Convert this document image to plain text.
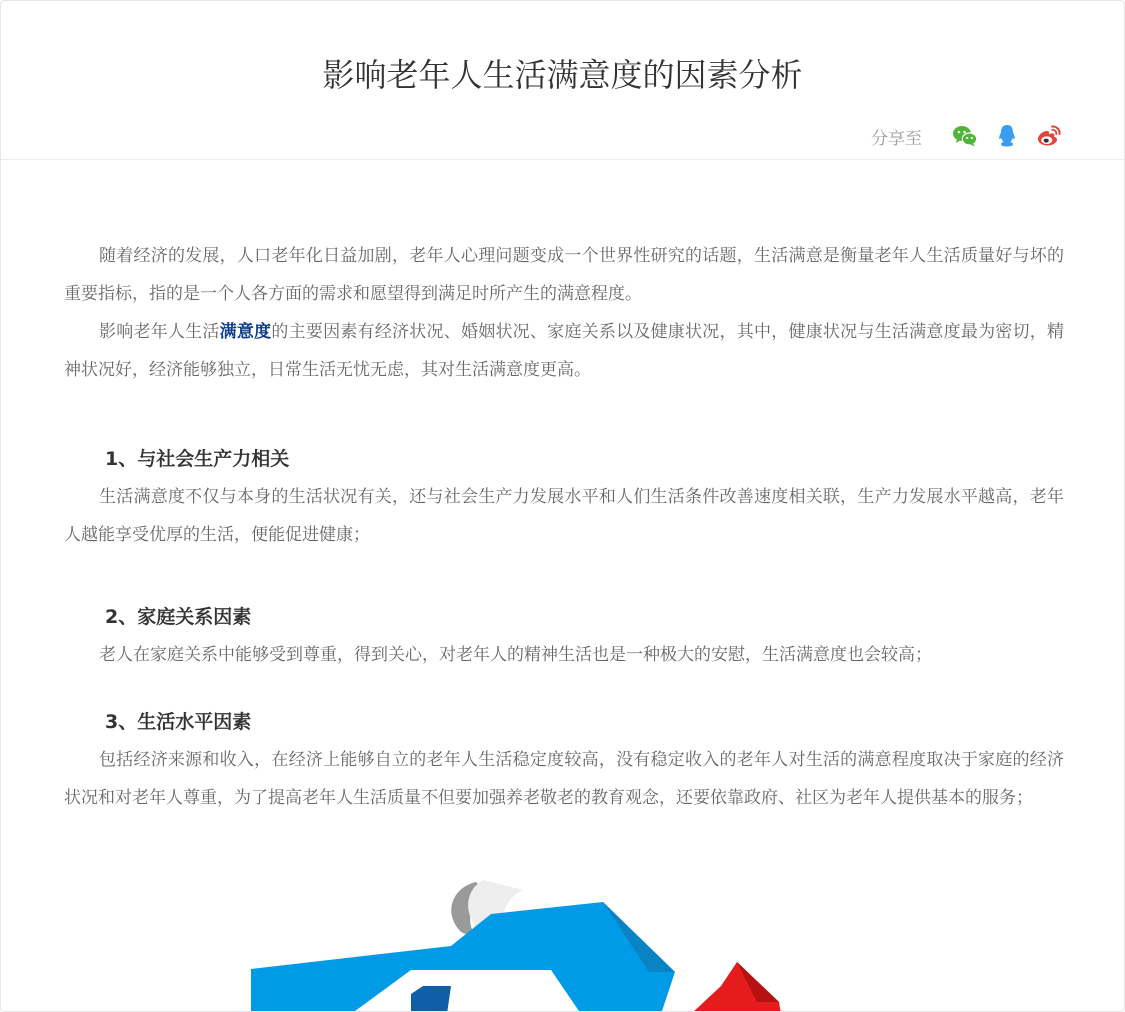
影响老年人生活满意度的因素分析
分享至

随着经济的发展，人口老年化日益加剧，老年人心理问题变成一个世界性研究的话题，生活满意是衡量老年人生活质量好与坏的重要指标，指的是一个人各方面的需求和愿望得到满足时所产生的满意程度。

影响老年人生活满意度的主要因素有经济状况、婚姻状况、家庭关系以及健康状况，其中，健康状况与生活满意度最为密切，精神状况好，经济能够独立，日常生活无忧无虑，其对生活满意度更高。

1、与社会生产力相关

生活满意度不仅与本身的生活状况有关，还与社会生产力发展水平和人们生活条件改善速度相关联，生产力发展水平越高，老年人越能享受优厚的生活，便能促进健康；

2、家庭关系因素

老人在家庭关系中能够受到尊重，得到关心，对老年人的精神生活也是一种极大的安慰，生活满意度也会较高；

3、生活水平因素

包括经济来源和收入，在经济上能够自立的老年人生活稳定度较高，没有稳定收入的老年人对生活的满意程度取决于家庭的经济状况和对老年人尊重，为了提高老年人生活质量不但要加强养老敬老的教育观念，还要依靠政府、社区为老年人提供基本的服务；
